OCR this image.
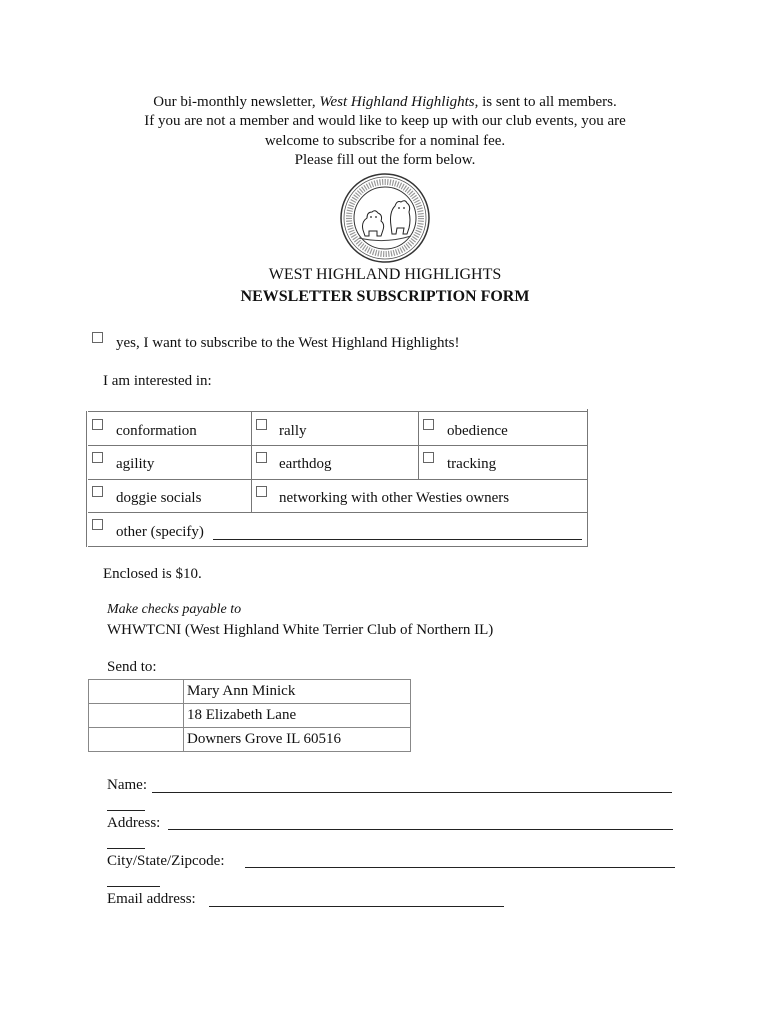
Our bi-monthly newsletter, West Highland Highlights, is sent to all members.

If you are not a member and would like to keep up with our club events, you are

welcome to subscribe for a nominal fee.

Please fill out the form below.

WEST HIGHLAND HIGHLIGHTS
NEWSLETTER SUBSCRIPTION FORM
yes, I want to subscribe to the West Highland Highlights!
I am interested in:
conformation	rally	obedience
agility	earthdog	tracking
doggie socials	networking with other Westies owners
other (specify)
Enclosed is $10.
Make checks payable to
WHWTCNI (West Highland White Terrier Club of Northern IL)
Send to:
	Mary Ann Minick
	18 Elizabeth Lane
	Downers Grove IL 60516
Name:
Address:
City/State/Zipcode:
Email address:
